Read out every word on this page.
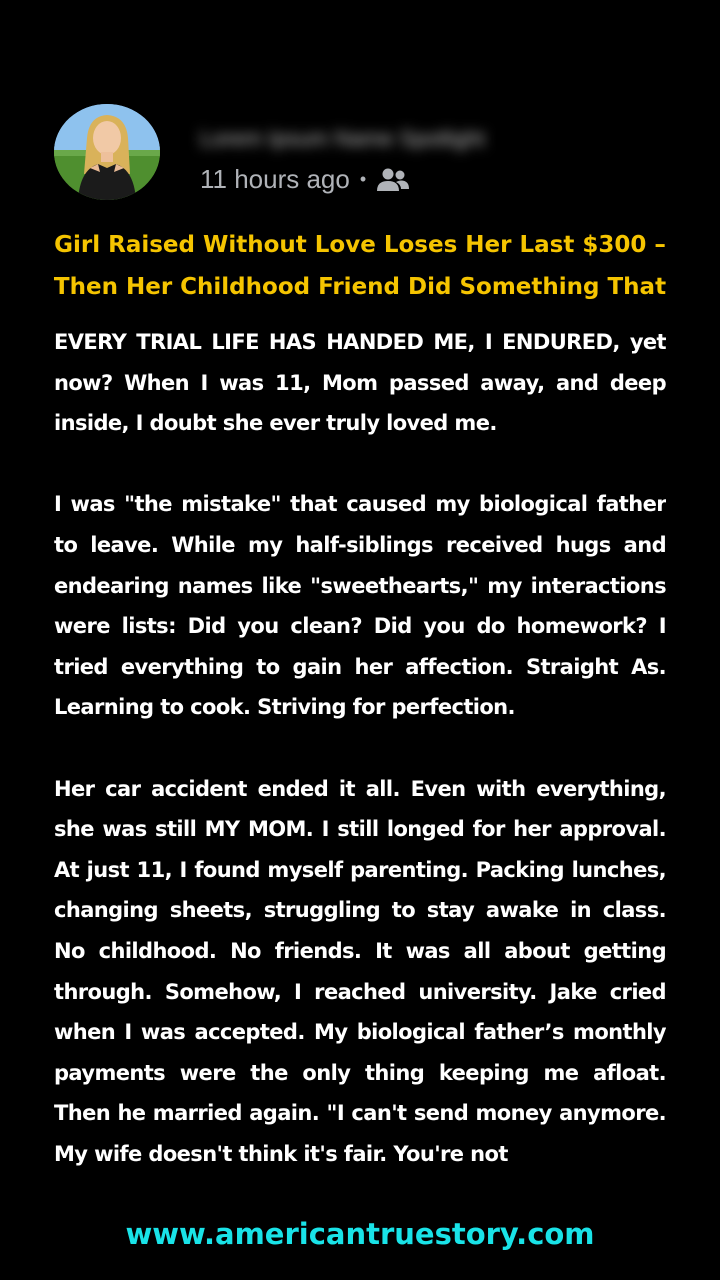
Lorem Ipsum Name Spotlight
11 hours ago •
Girl Raised Without Love Loses Her Last $300 –
Then Her Childhood Friend Did Something That

EVERY TRIAL LIFE HAS HANDED ME, I ENDURED, yet now? When I was 11, Mom passed away, and deep inside, I doubt she ever truly loved me.

I was "the mistake" that caused my biological father to leave. While my half-siblings received hugs and endearing names like "sweethearts," my interactions were lists: Did you clean? Did you do homework? I tried everything to gain her affection. Straight As. Learning to cook. Striving for perfection.

Her car accident ended it all. Even with everything, she was still MY MOM. I still longed for her approval. At just 11, I found myself parenting. Packing lunches, changing sheets, struggling to stay awake in class. No childhood. No friends. It was all about getting through. Somehow, I reached university. Jake cried when I was accepted. My biological father’s monthly payments were the only thing keeping me afloat. Then he married again. "I can't send money anymore. My wife doesn't think it's fair. You're not

www.americantruestory.com
